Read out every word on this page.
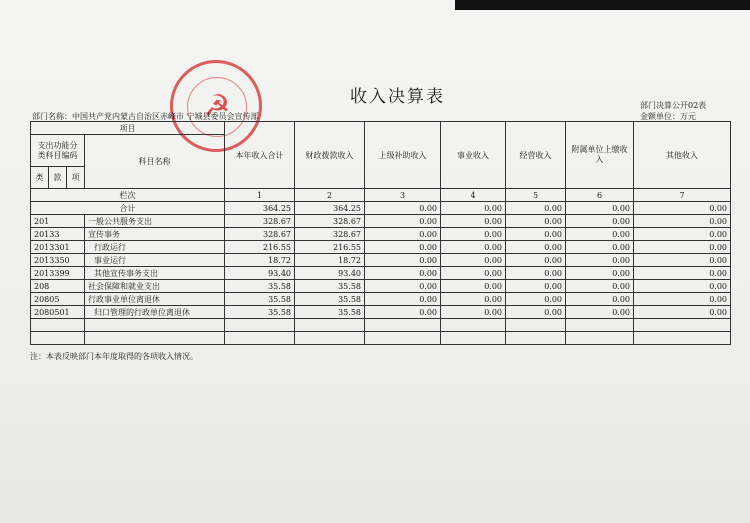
☭	收入决算表
部门名称：中国共产党内蒙古自治区赤峰市 宁城县委员会宣传部
部门决算公开02表
金额单位：万元
项目				本年收入合计	财政拨款收入	上级补助收入	事业收入	经营收入	附属单位上缴收入	其他收入
支出功能分类科目编码			科目名称							
类	款	项								
栏次				1	2	3	4	5	6	7
合计				364.25	364.25	0.00	0.00	0.00	0.00	0.00
201			一般公共服务支出	328.67	328.67	0.00	0.00	0.00	0.00	0.00
20133			宣传事务	328.67	328.67	0.00	0.00	0.00	0.00	0.00
2013301			行政运行	216.55	216.55	0.00	0.00	0.00	0.00	0.00
2013350			事业运行	18.72	18.72	0.00	0.00	0.00	0.00	0.00
2013399			其他宣传事务支出	93.40	93.40	0.00	0.00	0.00	0.00	0.00
208			社会保障和就业支出	35.58	35.58	0.00	0.00	0.00	0.00	0.00
20805			行政事业单位离退休	35.58	35.58	0.00	0.00	0.00	0.00	0.00
2080501			归口管理的行政单位离退休	35.58	35.58	0.00	0.00	0.00	0.00	0.00

注：本表反映部门本年度取得的各项收入情况。
